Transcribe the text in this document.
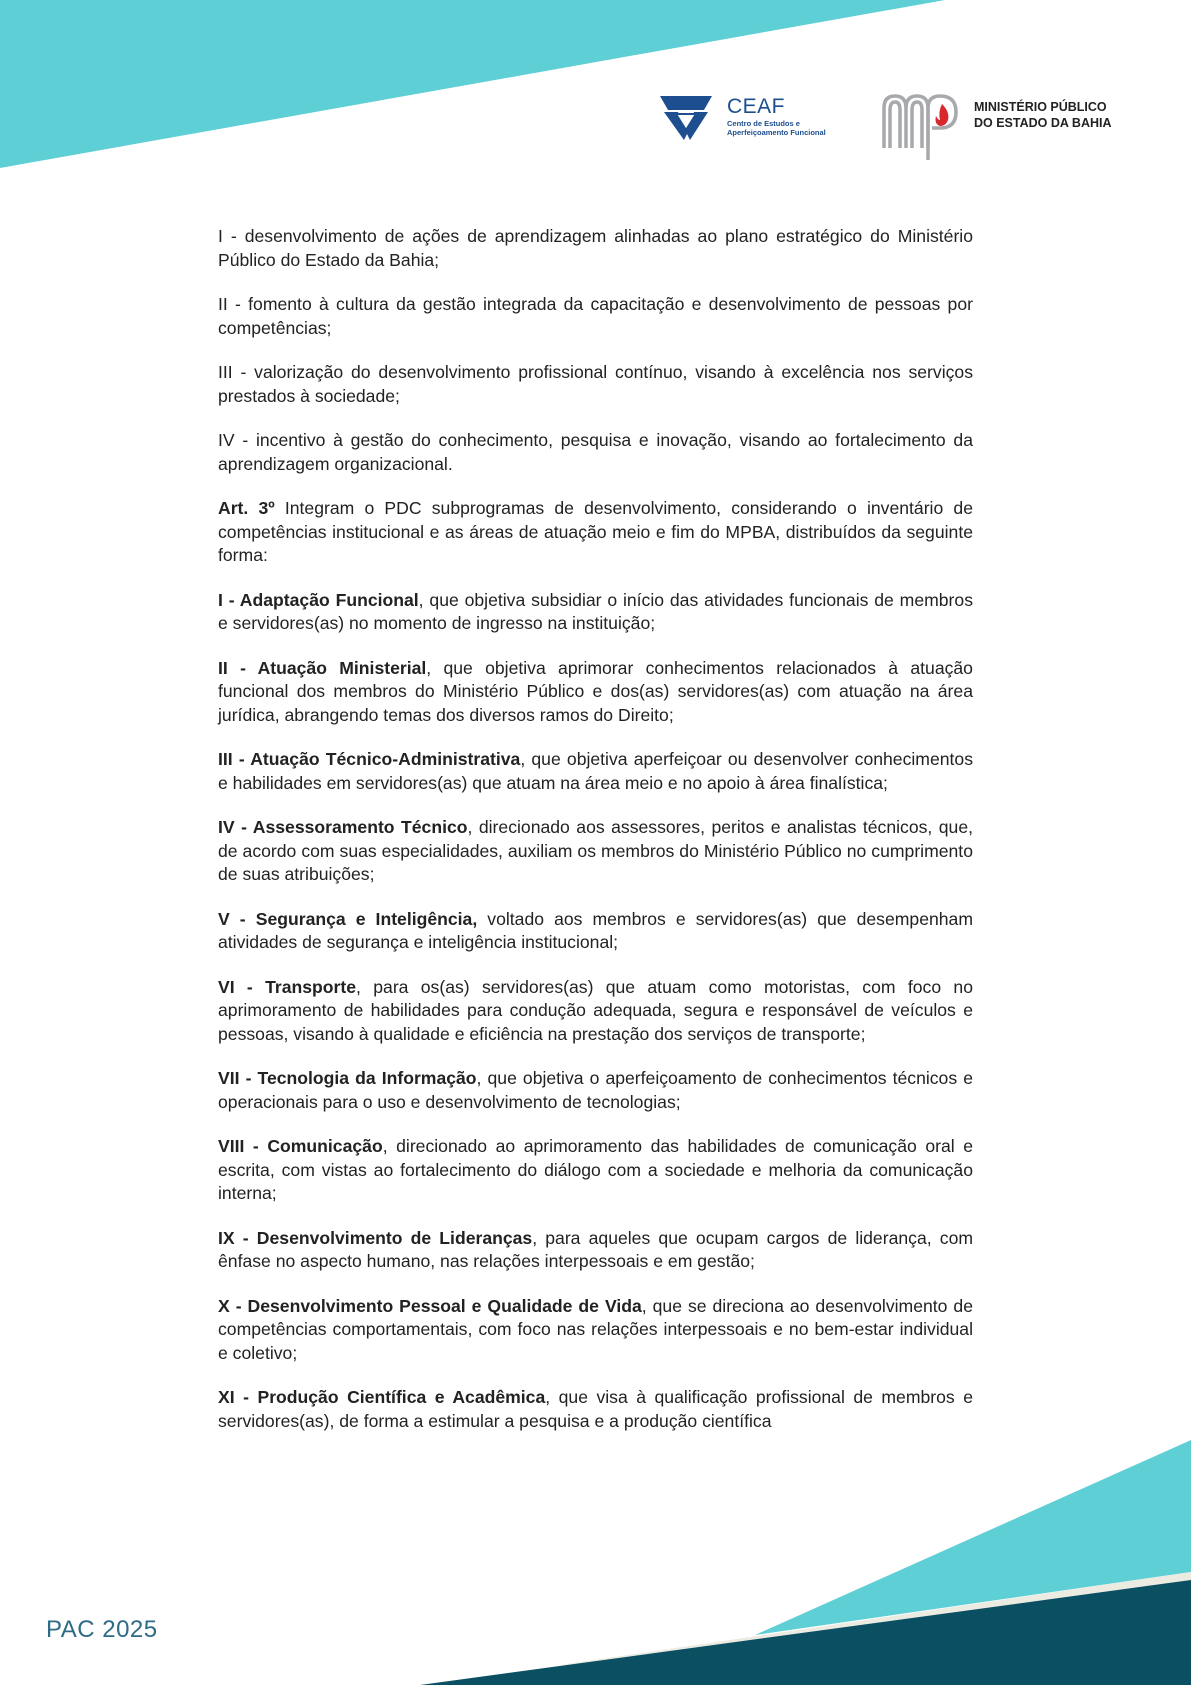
CEAF
Centro de Estudos e
Aperfeiçoamento Funcional
MINISTÉRIO PÚBLICO
DO ESTADO DA BAHIA

I - desenvolvimento de ações de aprendizagem alinhadas ao plano estratégico do Ministério Público do Estado da Bahia;

II - fomento à cultura da gestão integrada da capacitação e desenvolvimento de pessoas por competências;

III - valorização do desenvolvimento profissional contínuo, visando à excelência nos serviços prestados à sociedade;

IV - incentivo à gestão do conhecimento, pesquisa e inovação, visando ao fortalecimento da aprendizagem organizacional.

Art. 3º Integram o PDC subprogramas de desenvolvimento, considerando o inventário de competências institucional e as áreas de atuação meio e fim do MPBA, distribuídos da seguinte forma:

I - Adaptação Funcional, que objetiva subsidiar o início das atividades funcionais de membros e servidores(as) no momento de ingresso na instituição;

II - Atuação Ministerial, que objetiva aprimorar conhecimentos relacionados à atuação funcional dos membros do Ministério Público e dos(as) servidores(as) com atuação na área jurídica, abrangendo temas dos diversos ramos do Direito;

III - Atuação Técnico-Administrativa, que objetiva aperfeiçoar ou desenvolver conhecimentos e habilidades em servidores(as) que atuam na área meio e no apoio à área finalística;

IV - Assessoramento Técnico, direcionado aos assessores, peritos e analistas técnicos, que, de acordo com suas especialidades, auxiliam os membros do Ministério Público no cumprimento de suas atribuições;

V - Segurança e Inteligência, voltado aos membros e servidores(as) que desempenham atividades de segurança e inteligência institucional;

VI - Transporte, para os(as) servidores(as) que atuam como motoristas, com foco no aprimoramento de habilidades para condução adequada, segura e responsável de veículos e pessoas, visando à qualidade e eficiência na prestação dos serviços de transporte;

VII - Tecnologia da Informação, que objetiva o aperfeiçoamento de conhecimentos técnicos e operacionais para o uso e desenvolvimento de tecnologias;

VIII - Comunicação, direcionado ao aprimoramento das habilidades de comunicação oral e escrita, com vistas ao fortalecimento do diálogo com a sociedade e melhoria da comunicação interna;

IX - Desenvolvimento de Lideranças, para aqueles que ocupam cargos de liderança, com ênfase no aspecto humano, nas relações interpessoais e em gestão;

X - Desenvolvimento Pessoal e Qualidade de Vida, que se direciona ao desenvolvimento de competências comportamentais, com foco nas relações interpessoais e no bem-estar individual e coletivo;

XI - Produção Científica e Acadêmica, que visa à qualificação profissional de membros e servidores(as), de forma a estimular a pesquisa e a produção científica

PAC 2025
